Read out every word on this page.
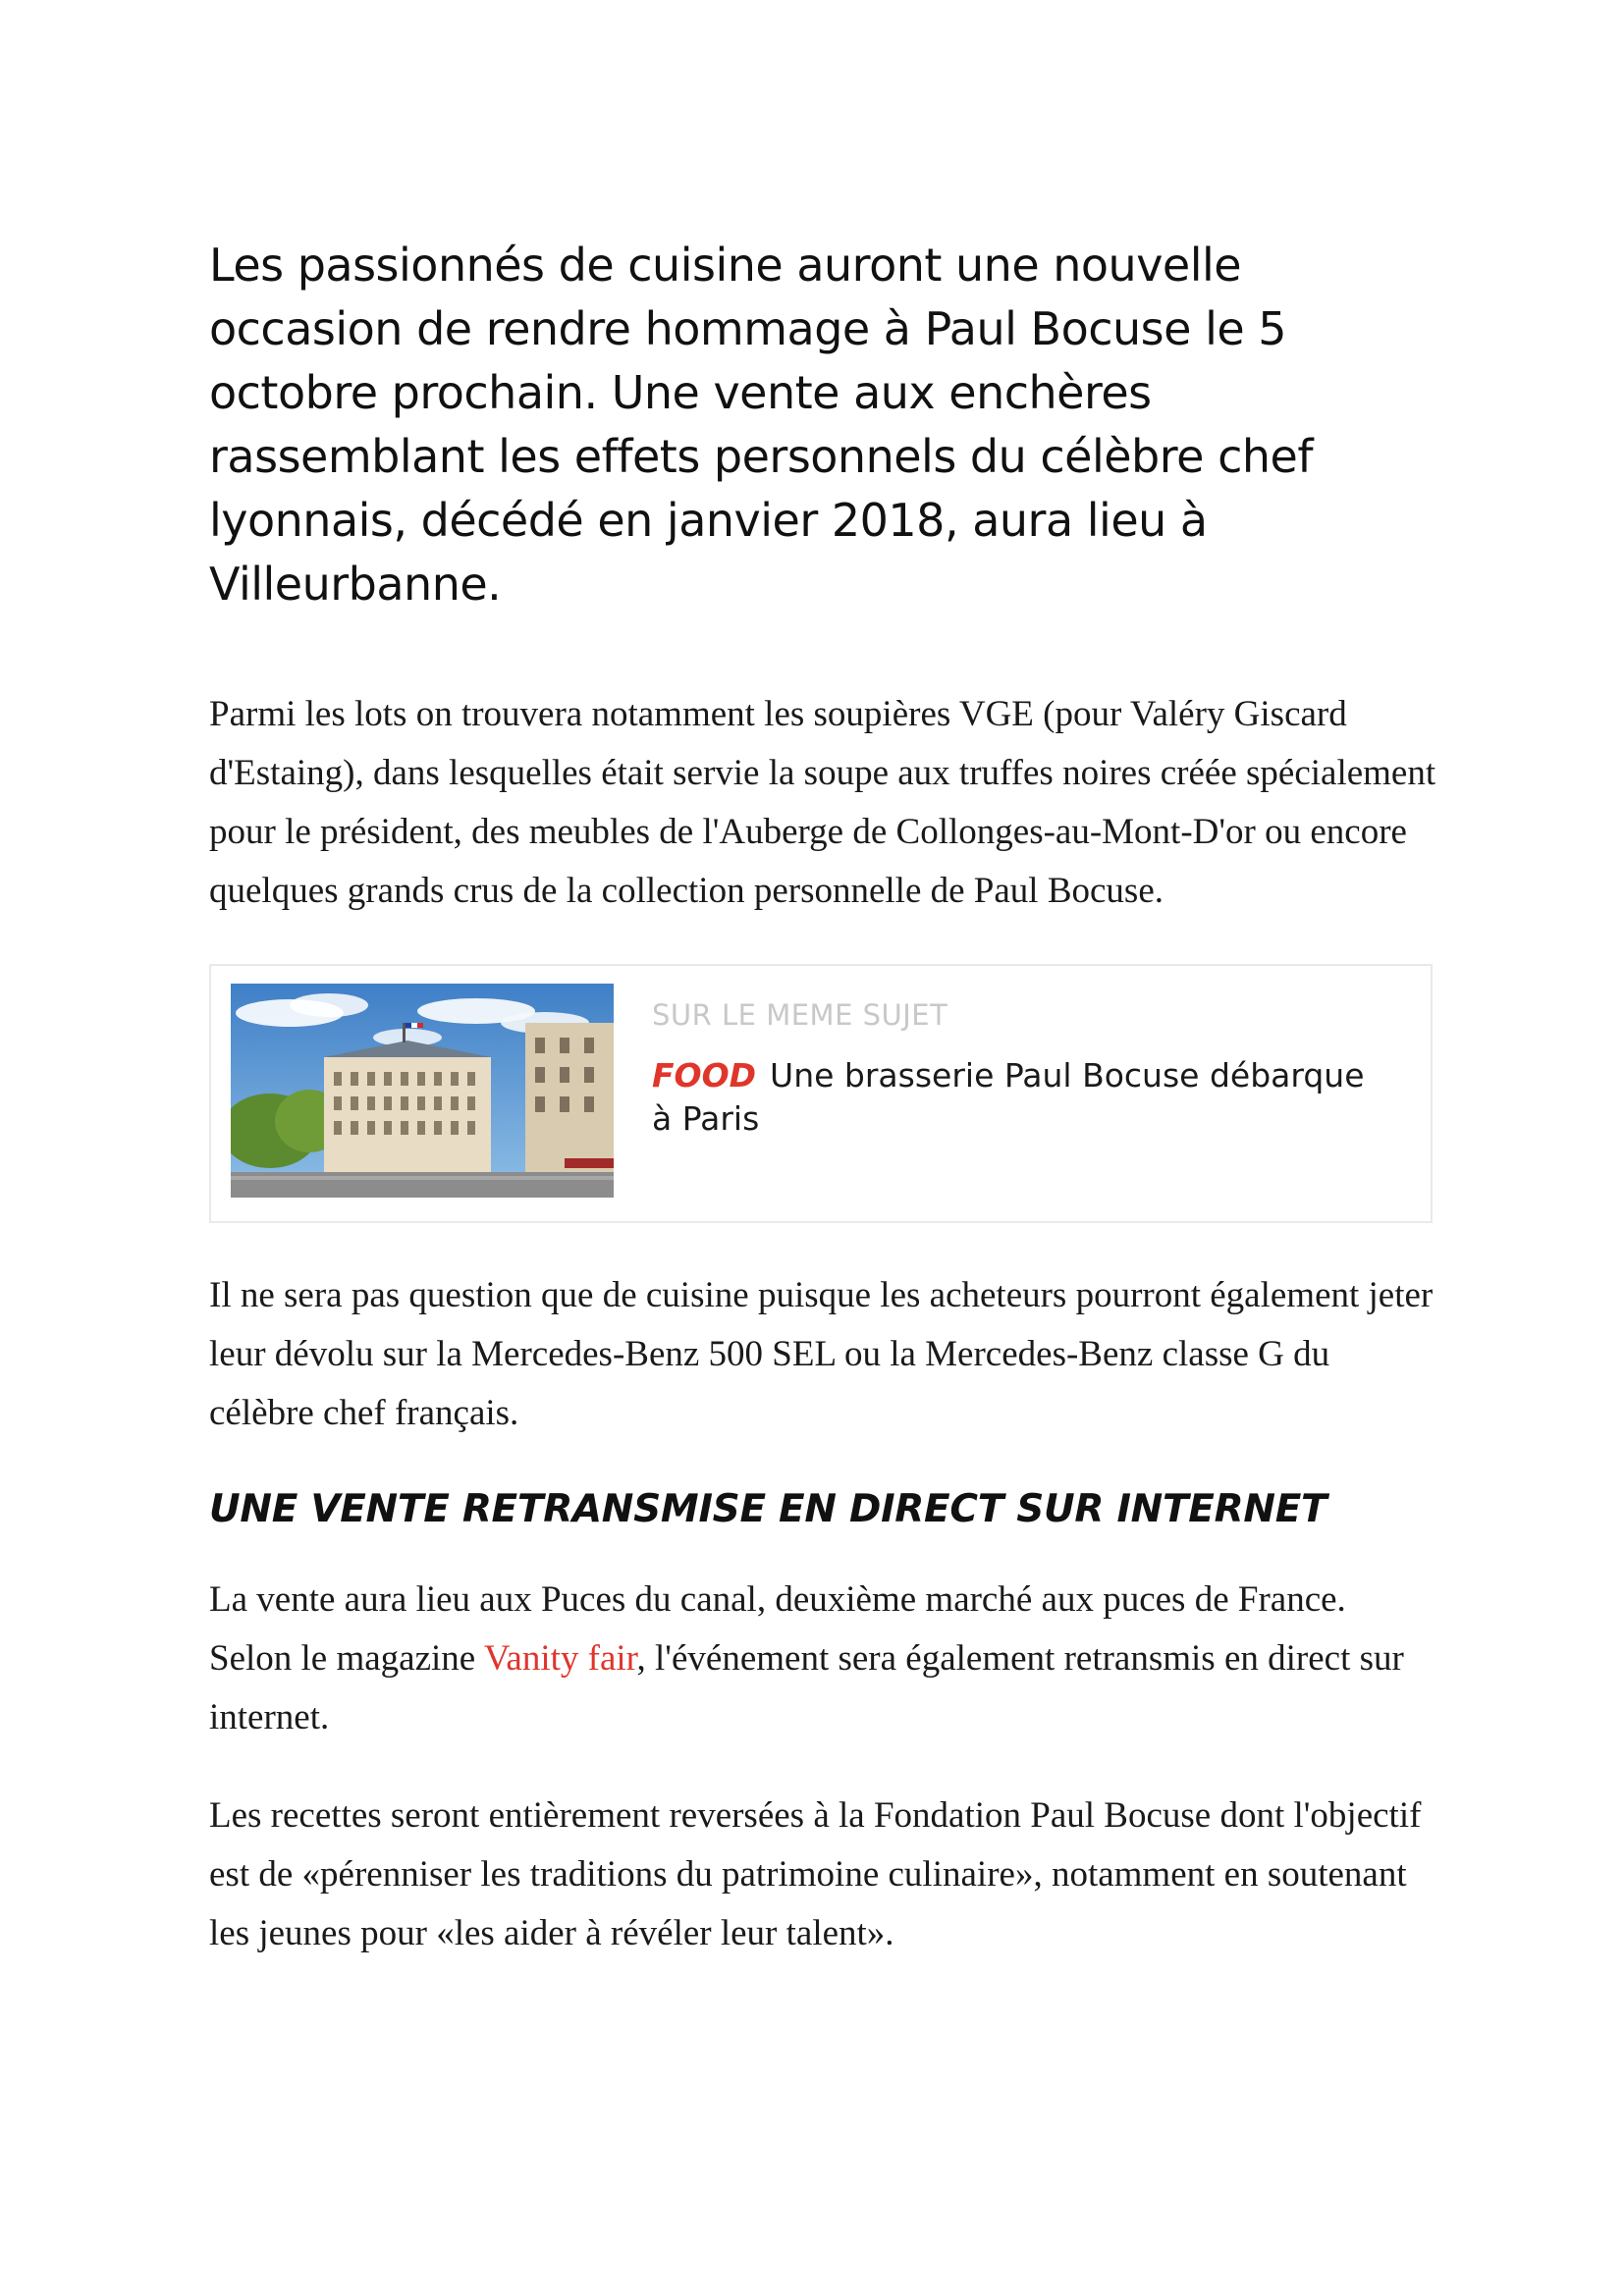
Les passionnés de cuisine auront une nouvelle occasion de rendre hommage à Paul Bocuse le 5 octobre prochain. Une vente aux enchères rassemblant les effets personnels du célèbre chef lyonnais, décédé en janvier 2018, aura lieu à Villeurbanne.

Parmi les lots on trouvera notamment les soupières VGE (pour Valéry Giscard d'Estaing), dans lesquelles était servie la soupe aux truffes noires créée spécialement pour le président, des meubles de l'Auberge de Collonges-au-Mont-D'or ou encore quelques grands crus de la collection personnelle de Paul Bocuse.

SUR LE MEME SUJET
FOOD Une brasserie Paul Bocuse débarque à Paris

Il ne sera pas question que de cuisine puisque les acheteurs pourront également jeter leur dévolu sur la Mercedes-Benz 500 SEL ou la Mercedes-Benz classe G du célèbre chef français.

UNE VENTE RETRANSMISE EN DIRECT SUR INTERNET

La vente aura lieu aux Puces du canal, deuxième marché aux puces de France. Selon le magazine Vanity fair, l'événement sera également retransmis en direct sur internet.

Les recettes seront entièrement reversées à la Fondation Paul Bocuse dont l'objectif est de «pérenniser les traditions du patrimoine culinaire», notamment en soutenant les jeunes pour «les aider à révéler leur talent».
